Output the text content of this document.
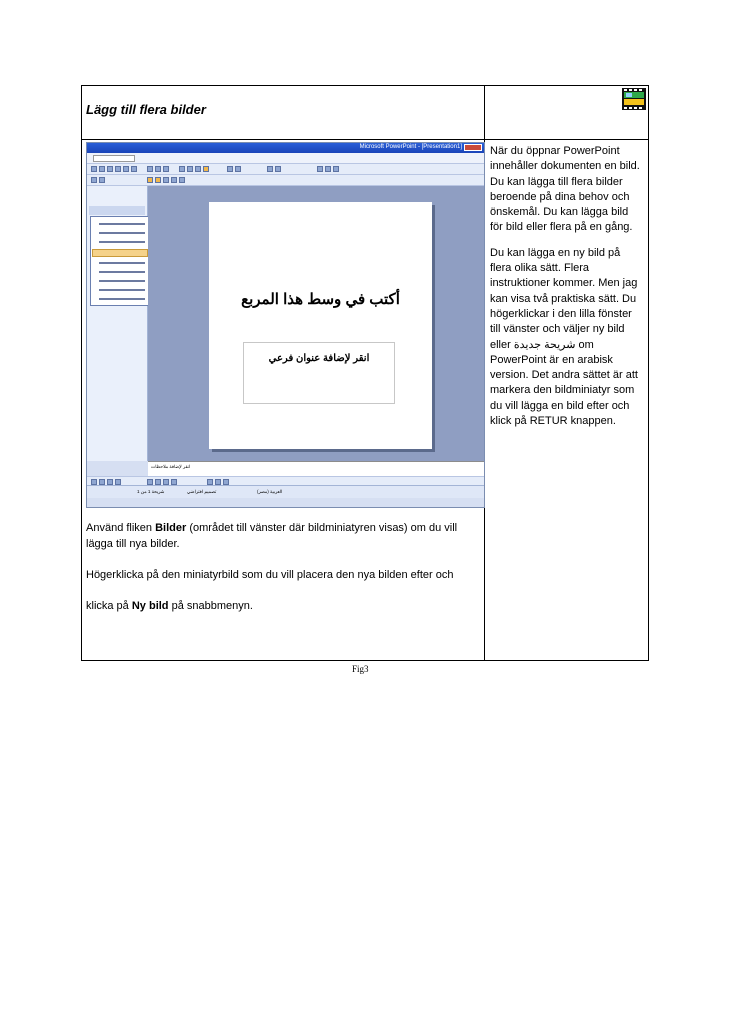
Lägg till flera bilder
Microsoft PowerPoint - [Presentation1]
أكتب في وسط هذا المربع
انقر لإضافة عنوان فرعي
انقر لإضافة ملاحظات
شريحة 1 من 1	تصميم افتراضي	العربية (مصر)

Använd fliken Bilder (området till vänster där bildminiatyren visas) om du vill lägga till nya bilder.

Högerklicka på den miniatyrbild som du vill placera den nya bilden efter och

klicka på Ny bild på snabbmenyn.

När du öppnar PowerPoint innehåller dokumenten en bild. Du kan lägga till flera bilder beroende på dina behov och önskemål. Du kan lägga bild för bild eller flera på en gång.

Du kan lägga en ny bild på flera olika sätt. Flera instruktioner kommer. Men jag kan visa två praktiska sätt. Du högerklickar i den lilla fönster till vänster och väljer ny bild eller شريحة جديدة om PowerPoint är en arabisk version. Det andra sättet är att markera den bildminiatyr som du vill lägga en bild efter och klick på RETUR knappen.

Fig3
